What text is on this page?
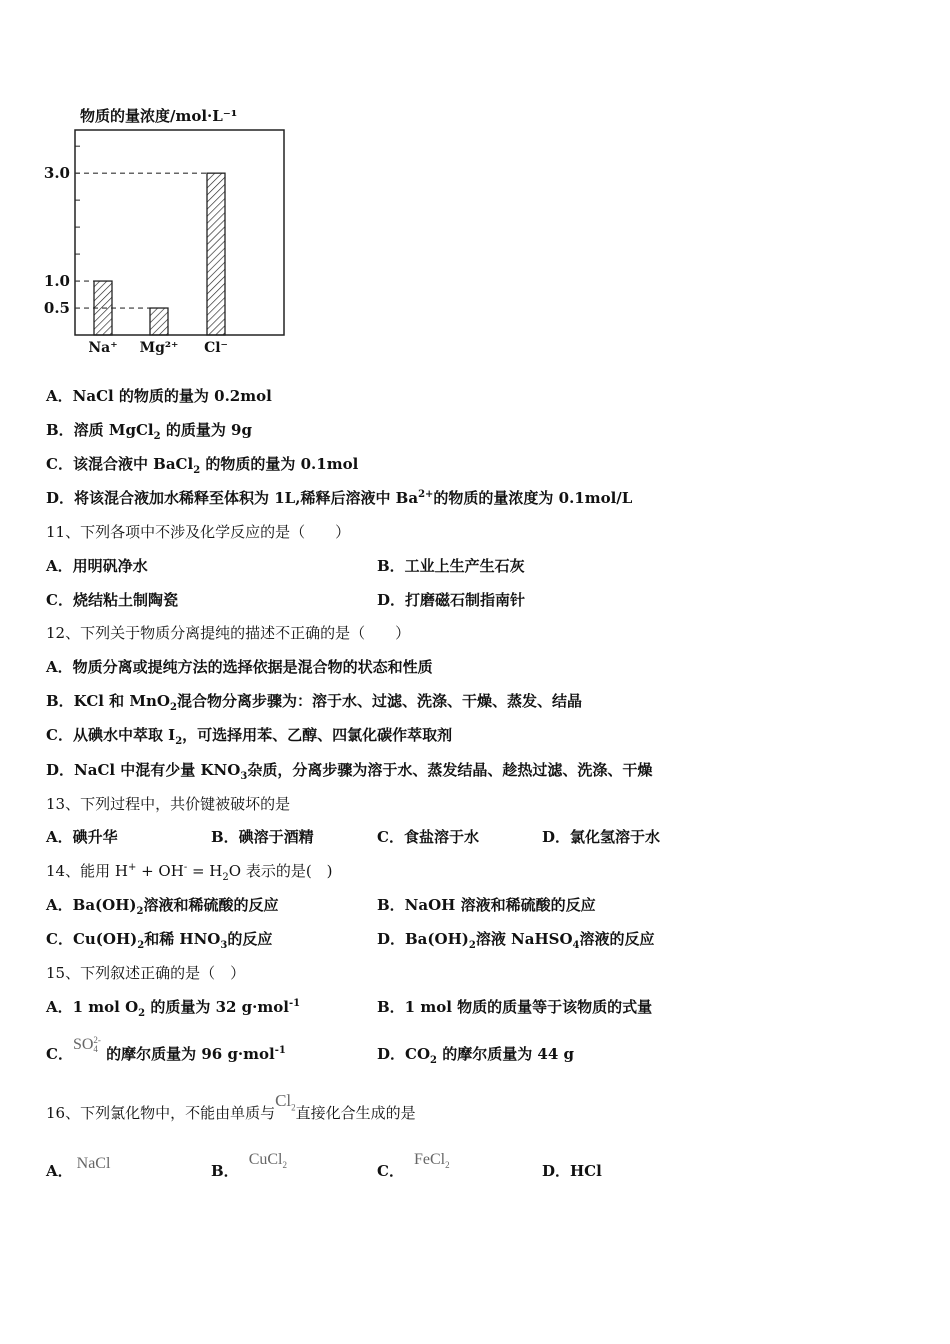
物质的量浓度/mol·L⁻¹
0.5
1.0
3.0
Na⁺ Mg²⁺ Cl⁻
A．NaCl 的物质的量为 0.2mol
B．溶质 MgCl$_2$ 的质量为 9g
C．该混合液中 BaCl$_2$ 的物质的量为 0.1mol
D．将该混合液加水稀释至体积为 1L,稀释后溶液中 $Ba^{2+}$的物质的量浓度为 0.1mol/L
11、下列各项中不涉及化学反应的是（　　）
A．用明矾净水	B．工业上生产生石灰
C．烧结粘土制陶瓷	D．打磨磁石制指南针
12、下列关于物质分离提纯的描述不正确的是（　　）
A．物质分离或提纯方法的选择依据是混合物的状态和性质
B．KCl 和 MnO$_2$混合物分离步骤为：溶于水、过滤、洗涤、干燥、蒸发、结晶
C．从碘水中萃取 $I_2$，可选择用苯、乙醇、四氯化碳作萃取剂
D．NaCl 中混有少量 $KNO_3$杂质，分离步骤为溶于水、蒸发结晶、趁热过滤、洗涤、干燥
13、下列过程中，共价键被破坏的是
A．碘升华	B．碘溶于酒精	C．食盐溶于水	D．氯化氢溶于水
14、能用 $H^+ + OH^- = H_2O$ 表示的是(　)
A．$Ba(OH)_2$溶液和稀硫酸的反应	B．NaOH 溶液和稀硫酸的反应
C．$Cu(OH)_2$和稀 $HNO_3$的反应	D．$Ba(OH)_2$溶液 NaHSO$_4$溶液的反应
15、下列叙述正确的是（　）
A．1 mol $O_2$ 的质量为 32 g·mol$^{-1}$	B．1 mol 物质的质量等于该物质的式量
C．SO 2-
4 的摩尔质量为 96 g·mol$^{-1}$	D．$CO_2$ 的摩尔质量为 44 g
16、下列氯化物中，不能由单质与$Cl_2$直接化合生成的是
A． NaCl	B．CuCl$_2$	C．FeCl$_2$	D．HCl
